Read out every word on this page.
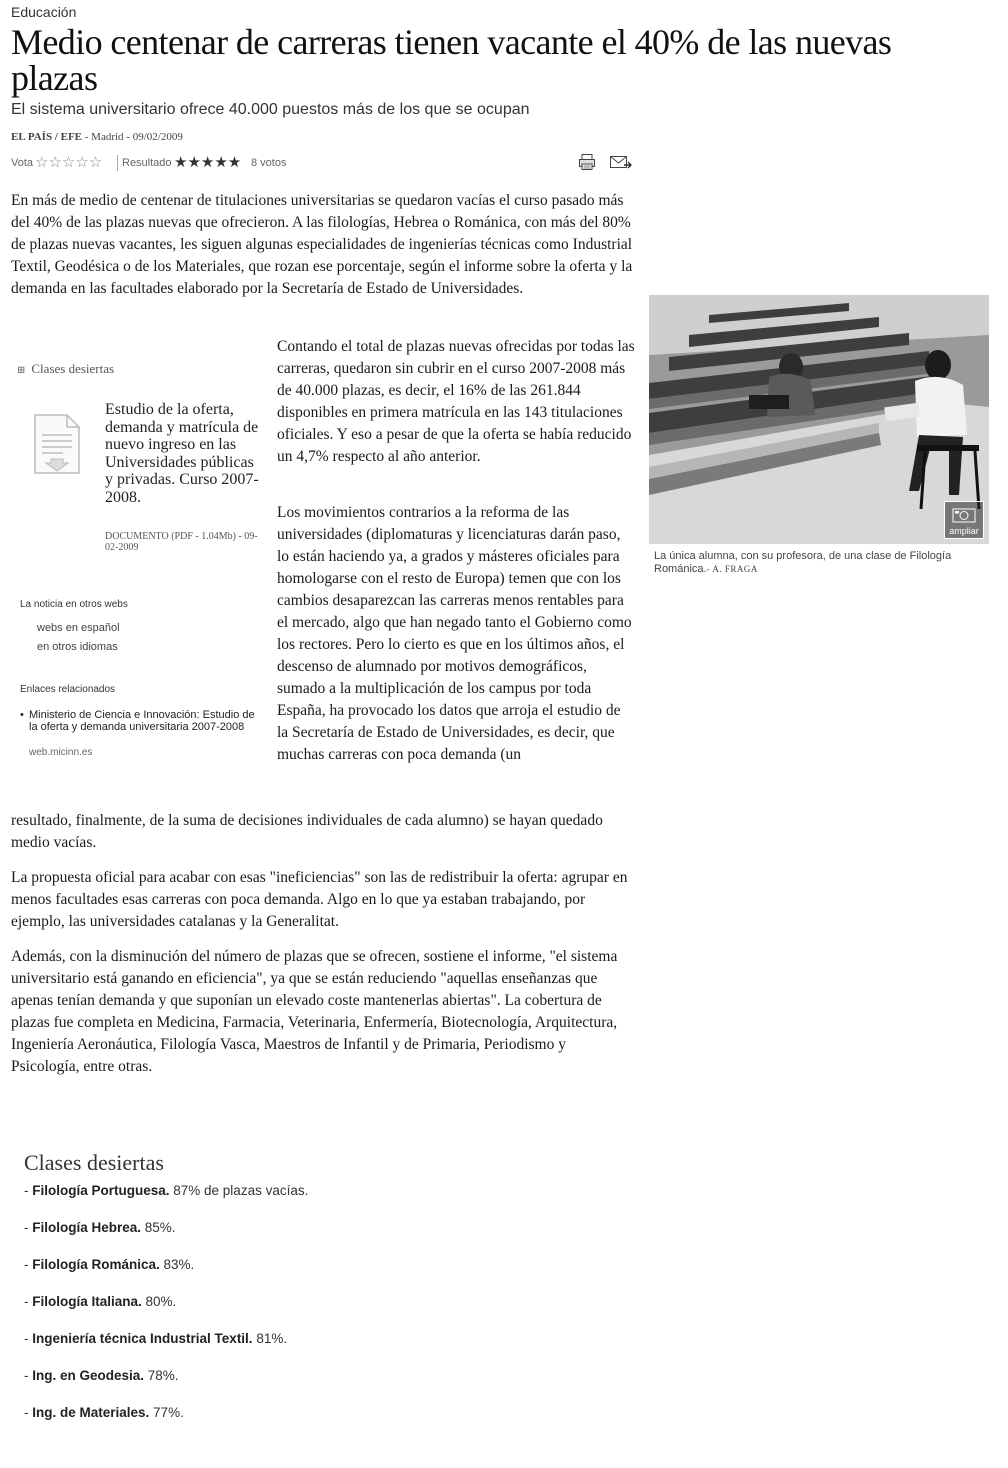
Educación
Medio centenar de carreras tienen vacante el 40% de las nuevas plazas
El sistema universitario ofrece 40.000 puestos más de los que se ocupan
EL PAÍS / EFE - Madrid - 09/02/2009
Vota ☆☆☆☆☆ Resultado ★★★★★ 8 votos

En más de medio de centenar de titulaciones universitarias se quedaron vacías el curso pasado más del 40% de las plazas nuevas que ofrecieron. A las filologías, Hebrea o Románica, con más del 80% de plazas nuevas vacantes, les siguen algunas especialidades de ingenierías técnicas como Industrial Textil, Geodésica o de los Materiales, que rozan ese porcentaje, según el informe sobre la oferta y la demanda en las facultades elaborado por la Secretaría de Estado de Universidades.

⊞ Clases desiertas
Estudio de la oferta, demanda y matrícula de nuevo ingreso en las Universidades públicas y privadas. Curso 2007-2008.
DOCUMENTO (PDF - 1.04Mb) - 09-02-2009
La noticia en otros webs
webs en español
en otros idiomas
Enlaces relacionados
• Ministerio de Ciencia e Innovación: Estudio de la oferta y demanda universitaria 2007-2008
web.micinn.es

Contando el total de plazas nuevas ofrecidas por todas las carreras, quedaron sin cubrir en el curso 2007-2008 más de 40.000 plazas, es decir, el 16% de las 261.844 disponibles en primera matrícula en las 143 titulaciones oficiales. Y eso a pesar de que la oferta se había reducido un 4,7% respecto al año anterior.

Los movimientos contrarios a la reforma de las universidades (diplomaturas y licenciaturas darán paso, lo están haciendo ya, a grados y másteres oficiales para homologarse con el resto de Europa) temen que con los cambios desaparezcan las carreras menos rentables para el mercado, algo que han negado tanto el Gobierno como los rectores. Pero lo cierto es que en los últimos años, el descenso de alumnado por motivos demográficos, sumado a la multiplicación de los campus por toda España, ha provocado los datos que arroja el estudio de la Secretaría de Estado de Universidades, es decir, que muchas carreras con poca demanda (un

resultado, finalmente, de la suma de decisiones individuales de cada alumno) se hayan quedado medio vacías.

La propuesta oficial para acabar con esas "ineficiencias" son las de redistribuir la oferta: agrupar en menos facultades esas carreras con poca demanda. Algo en lo que ya estaban trabajando, por ejemplo, las universidades catalanas y la Generalitat.

Además, con la disminución del número de plazas que se ofrecen, sostiene el informe, "el sistema universitario está ganando en eficiencia", ya que se están reduciendo "aquellas enseñanzas que apenas tenían demanda y que suponían un elevado coste mantenerlas abiertas". La cobertura de plazas fue completa en Medicina, Farmacia, Veterinaria, Enfermería, Biotecnología, Arquitectura, Ingeniería Aeronáutica, Filología Vasca, Maestros de Infantil y de Primaria, Periodismo y Psicología, entre otras.

ampliar
La única alumna, con su profesora, de una clase de Filología Románica.- A. FRAGA
Clases desiertas
- Filología Portuguesa. 87% de plazas vacías.
- Filología Hebrea. 85%.
- Filología Románica. 83%.
- Filología Italiana. 80%.
- Ingeniería técnica Industrial Textil. 81%.
- Ing. en Geodesia. 78%.
- Ing. de Materiales. 77%.
